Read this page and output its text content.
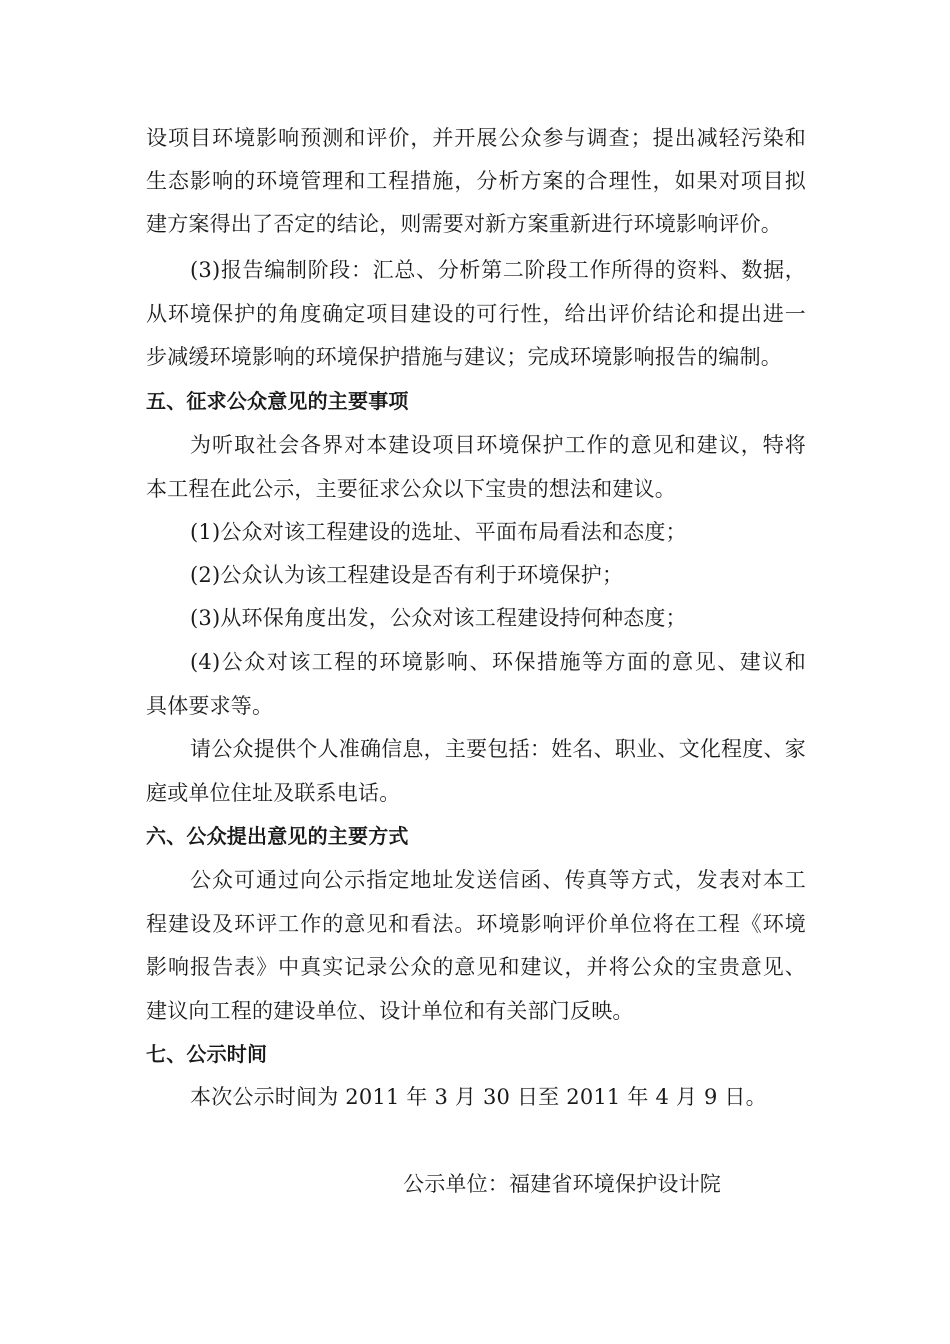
设项目环境影响预测和评价，并开展公众参与调查；提出减轻污染和
生态影响的环境管理和工程措施，分析方案的合理性，如果对项目拟
建方案得出了否定的结论，则需要对新方案重新进行环境影响评价。
(3)报告编制阶段：汇总、分析第二阶段工作所得的资料、数据，
从环境保护的角度确定项目建设的可行性，给出评价结论和提出进一
步减缓环境影响的环境保护措施与建议；完成环境影响报告的编制。
五、征求公众意见的主要事项
为听取社会各界对本建设项目环境保护工作的意见和建议，特将
本工程在此公示，主要征求公众以下宝贵的想法和建议。
(1)公众对该工程建设的选址、平面布局看法和态度；
(2)公众认为该工程建设是否有利于环境保护；
(3)从环保角度出发，公众对该工程建设持何种态度；
(4)公众对该工程的环境影响、环保措施等方面的意见、建议和
具体要求等。
请公众提供个人准确信息，主要包括：姓名、职业、文化程度、家
庭或单位住址及联系电话。
六、公众提出意见的主要方式
公众可通过向公示指定地址发送信函、传真等方式，发表对本工
程建设及环评工作的意见和看法。环境影响评价单位将在工程《环境
影响报告表》中真实记录公众的意见和建议，并将公众的宝贵意见、
建议向工程的建设单位、设计单位和有关部门反映。
七、公示时间
本次公示时间为 2011 年 3 月 30 日至 2011 年 4 月 9 日。
公示单位：福建省环境保护设计院
